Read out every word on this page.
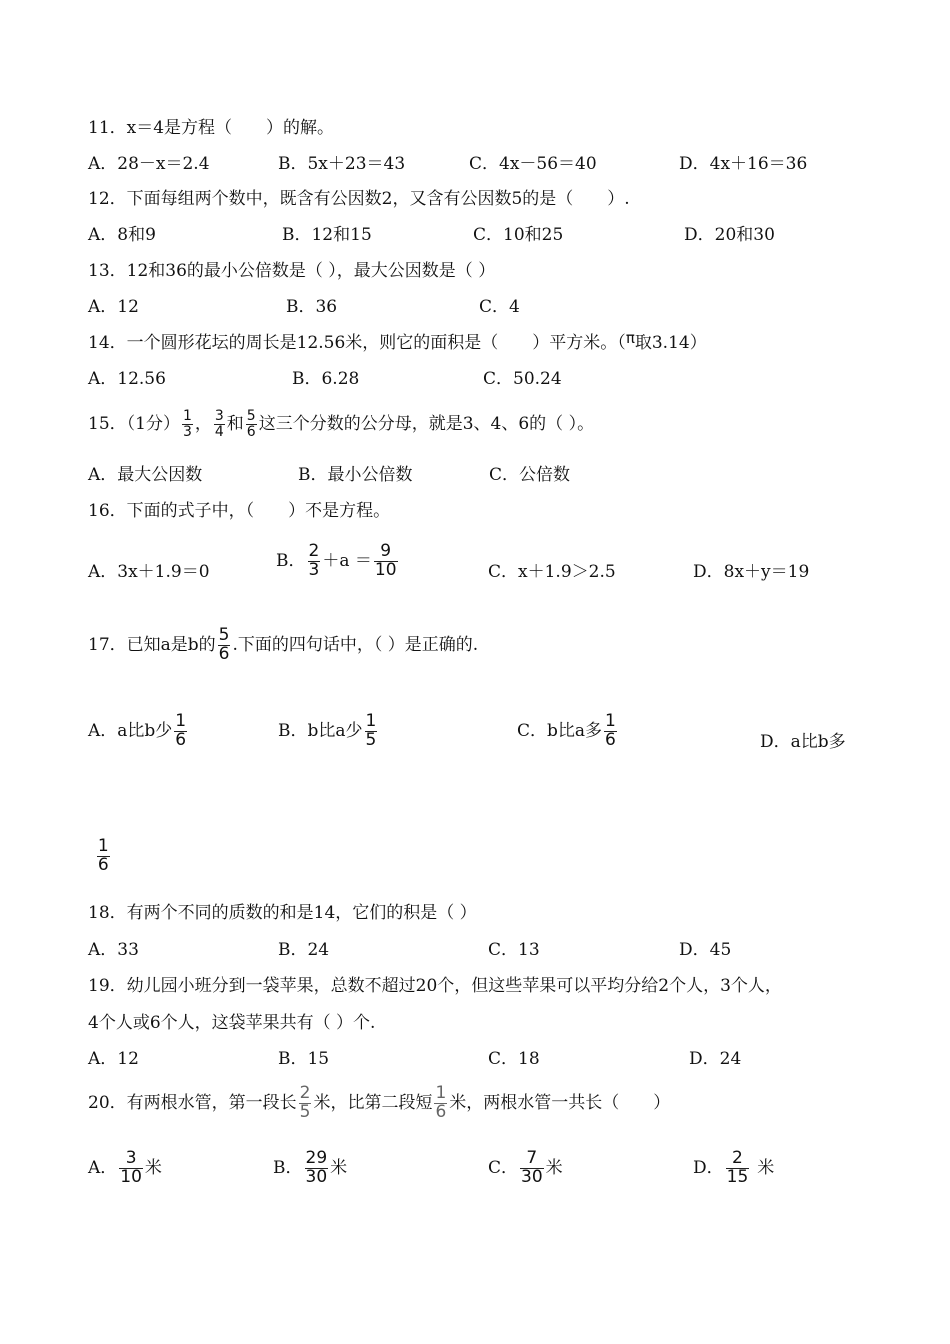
11．x＝4是方程（　　）的解。
A．28－x＝2.4	B．5x＋23＝43	C．4x－56＝40	D．4x＋16＝36
12．下面每组两个数中，既含有公因数2，又含有公因数5的是（　　）.
A．8和9	B．12和15	C．10和25	D．20和30
13．12和36的最小公倍数是（ ），最大公因数是（ ）
A．12	B．36	C．4
14．一个圆形花坛的周长是12.56米，则它的面积是（　　）平方米。（π取3.14）
A．12.56	B．6.28	C．50.24
15．（1分） $\frac{1}{3}$ ， $\frac{3}{4}$ 和 $\frac{5}{6}$ 这三个分数的公分母，就是3、4、6的（ ）。
A．最大公因数	B．最小公倍数	C．公倍数
16．下面的式子中，（　　）不是方程。
A．3x＋1.9＝0
B． $\frac{2}{3} +a = \frac{9}{10}$	C．x＋1.9＞2.5	D．8x＋y＝19
17．已知a是b的 $\frac{5}{6}$ .下面的四句话中，（ ）是正确的.
A．a比b少 $\frac{1}{6}$	B．b比a少 $\frac{1}{5}$	C．b比a多 $\frac{1}{6}$	D．a比b多

$\frac{1}{6}$

18．有两个不同的质数的和是14，它们的积是（ ）
A．33	B．24	C．13	D．45
19．幼儿园小班分到一袋苹果，总数不超过20个，但这些苹果可以平均分给2个人，3个人，
4个人或6个人，这袋苹果共有（ ）个.
A．12	B．15	C．18	D．24
20．有两根水管，第一段长 $\frac{2}{5}$ 米，比第二段短 $\frac{1}{6}$ 米，两根水管一共长（　　）
A． $\frac{3}{10}$ 米	B． $\frac{29}{30}$ 米	C． $\frac{7}{30}$ 米	D． $\frac{2}{15}$ 米
